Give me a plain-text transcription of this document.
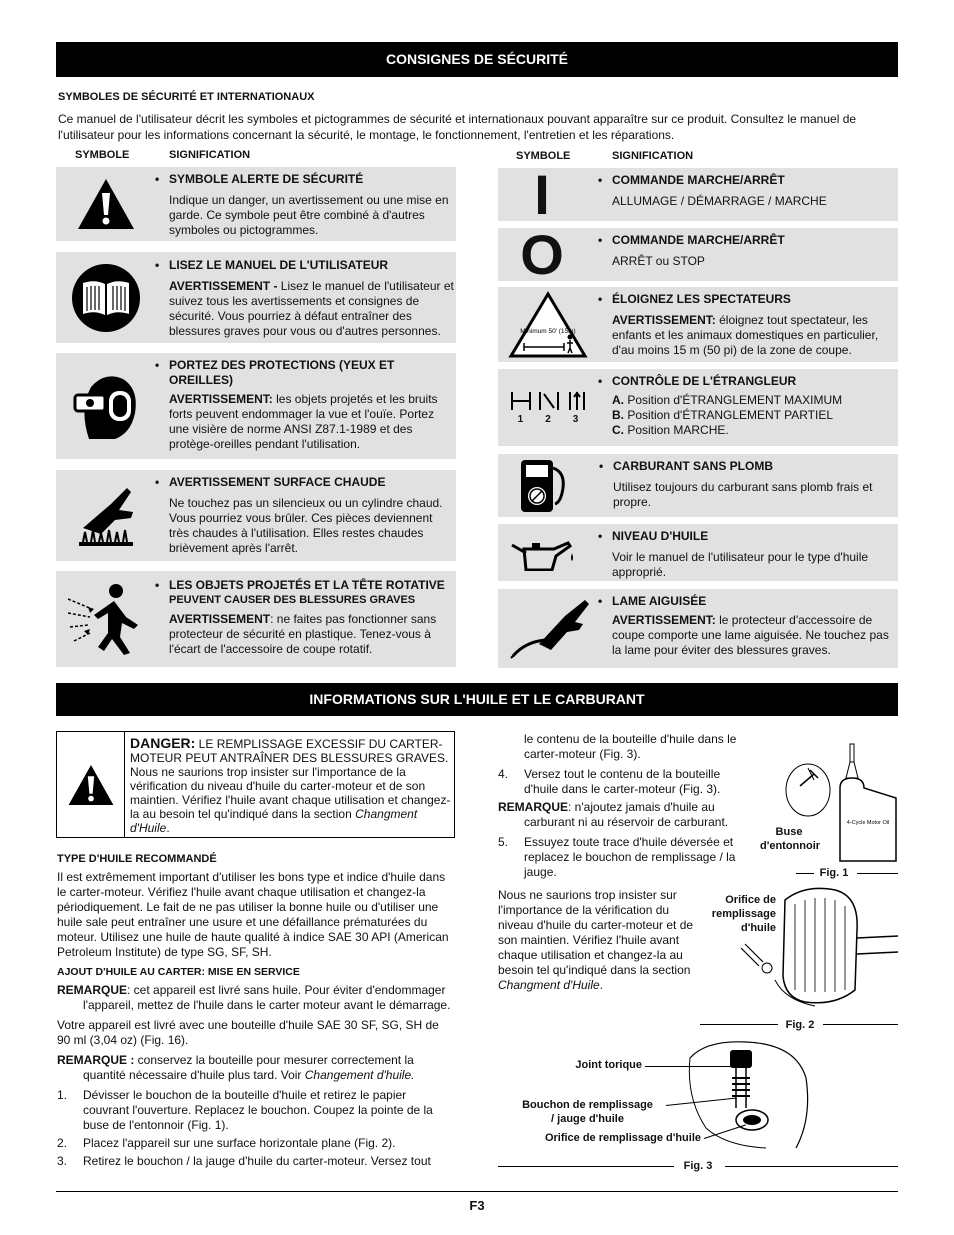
CONSIGNES DE SÉCURITÉ
SYMBOLES DE SÉCURITÉ ET INTERNATIONAUX
Ce manuel de l'utilisateur décrit les symboles et pictogrammes de sécurité et internationaux pouvant apparaître sur ce produit. Consultez le manuel de l'utilisateur pour les informations concernant la sécurité, le montage, le fonctionnement, l'entretien et les réparations.
SYMBOLE	SIGNIFICATION	SYMBOLE	SIGNIFICATION
• SYMBOLE ALERTE DE SÉCURITÉ

Indique un danger, un avertissement ou une mise en garde. Ce symbole peut être combiné à d'autres symboles ou pictogrammes.

• LISEZ LE MANUEL DE L'UTILISATEUR

AVERTISSEMENT - Lisez le manuel de l'utilisateur et suivez tous les avertissements et consignes de sécurité. Vous pourriez à défaut entraîner des blessures graves pour vous ou d'autres personnes.

• PORTEZ DES PROTECTIONS (YEUX ET OREILLES)

AVERTISSEMENT: les objets projetés et les bruits forts peuvent endommager la vue et l'ouïe. Portez une visière de norme ANSI Z87.1-1989 et des protège-oreilles pendant l'utilisation.

• AVERTISSEMENT SURFACE CHAUDE

Ne touchez pas un silencieux ou un cylindre chaud. Vous pourriez vous brûler. Ces pièces deviennent très chaudes à l'utilisation. Elles restes chaudes brièvement après l'arrêt.

• LES OBJETS PROJETÉS ET LA TÊTE ROTATIVE
PEUVENT CAUSER DES BLESSURES GRAVES

AVERTISSEMENT: ne faites pas fonctionner sans protecteur de sécurité en plastique. Tenez-vous à l'écart de l'accessoire de coupe rotatif.

I	• COMMANDE MARCHE/ARRÊT

ALLUMAGE / DÉMARRAGE / MARCHE

O	• COMMANDE MARCHE/ARRÊT

ARRÊT ou STOP

Minimum 50' (15m)
• ÉLOIGNEZ LES SPECTATEURS

AVERTISSEMENT: éloignez tout spectateur, les enfants et les animaux domestiques en particulier, d'au moins 15 m (50 pi) de la zone de coupe.

1 2 3
• CONTRÔLE DE L'ÉTRANGLEUR
A. Position d'ÉTRANGLEMENT MAXIMUM
B. Position d'ÉTRANGLEMENT PARTIEL
C. Position MARCHE.
• CARBURANT SANS PLOMB

Utilisez toujours du carburant sans plomb frais et propre.

• NIVEAU D'HUILE

Voir le manuel de l'utilisateur pour le type d'huile approprié.

• LAME AIGUISÉE

AVERTISSEMENT: le protecteur d'accessoire de coupe comporte une lame aiguisée. Ne touchez pas la lame pour éviter des blessures graves.

INFORMATIONS SUR L'HUILE ET LE CARBURANT
DANGER: LE REMPLISSAGE EXCESSIF DU CARTER-MOTEUR PEUT ANTRAÎNER DES BLESSURES GRAVES. Nous ne saurions trop insister sur l'importance de la vérification du niveau d'huile du carter-moteur et de son maintien. Vérifiez l'huile avant chaque utilisation et changez-la au besoin tel qu'indiqué dans la section Changment d'Huile.

TYPE D'HUILE RECOMMANDÉ

Il est extrêmement important d'utiliser les bons type et indice d'huile dans le carter-moteur. Vérifiez l'huile avant chaque utilisation et changez-la périodiquement. Le fait de ne pas utiliser la bonne huile ou d'utiliser une huile sale peut entraîner une usure et une défaillance prématurées du moteur. Utilisez une huile de haute qualité à indice SAE 30 API (American Petroleum Institute) de type SG, SF, SH.

AJOUT D'HUILE AU CARTER: MISE EN SERVICE

REMARQUE: cet appareil est livré sans huile. Pour éviter d'endommager l'appareil, mettez de l'huile dans le carter moteur avant le démarrage.

Votre appareil est livré avec une bouteille d'huile SAE 30 SF, SG, SH de 90 ml (3,04 oz) (Fig. 16).

REMARQUE : conservez la bouteille pour mesurer correctement la quantité nécessaire d'huile plus tard. Voir Changement d'huile.

1.	Dévisser le bouchon de la bouteille d'huile et retirez le papier couvrant l'ouverture. Replacez le bouchon. Coupez la pointe de la buse de l'entonnoir (Fig. 1).
2.	Placez l'appareil sur une surface horizontale plane (Fig. 2).
3.	Retirez le bouchon / la jauge d'huile du carter-moteur. Versez tout

le contenu de la bouteille d'huile dans le carter-moteur (Fig. 3).

4.	Versez tout le contenu de la bouteille d'huile dans le carter-moteur (Fig. 3).

REMARQUE: n'ajoutez jamais d'huile au carburant ni au réservoir de carburant.

5.	Essuyez toute trace d'huile déversée et replacez le bouchon de remplissage / la jauge.

Nous ne saurions trop insister sur l'importance de la vérification du niveau d'huile du carter-moteur et de son maintien. Vérifiez l'huile avant chaque utilisation et changez-la au besoin tel qu'indiqué dans la section Changment d'Huile.

4-Cycle Motor Oil
Buse
d'entonnoir
Fig. 1
Orifice de
remplissage
d'huile
Fig. 2
Joint torique
Bouchon de remplissage
/ jauge d'huile
Orifice de remplissage d'huile
Fig. 3
F3
